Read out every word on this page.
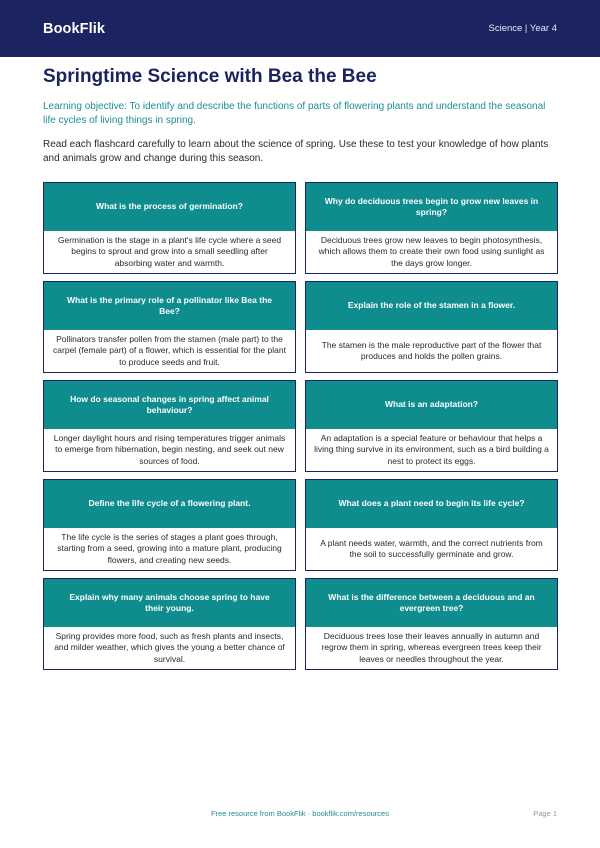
BookFlik	Science | Year 4
Springtime Science with Bea the Bee

Learning objective: To identify and describe the functions of parts of flowering plants and understand the seasonal life cycles of living things in spring.

Read each flashcard carefully to learn about the science of spring. Use these to test your knowledge of how plants and animals grow and change during this season.

What is the process of germination?
Germination is the stage in a plant's life cycle where a seed begins to sprout and grow into a small seedling after absorbing water and warmth.
Why do deciduous trees begin to grow new leaves in spring?
Deciduous trees grow new leaves to begin photosynthesis, which allows them to create their own food using sunlight as the days grow longer.
What is the primary role of a pollinator like Bea the Bee?
Pollinators transfer pollen from the stamen (male part) to the carpel (female part) of a flower, which is essential for the plant to produce seeds and fruit.
Explain the role of the stamen in a flower.
The stamen is the male reproductive part of the flower that produces and holds the pollen grains.
How do seasonal changes in spring affect animal behaviour?
Longer daylight hours and rising temperatures trigger animals to emerge from hibernation, begin nesting, and seek out new sources of food.
What is an adaptation?
An adaptation is a special feature or behaviour that helps a living thing survive in its environment, such as a bird building a nest to protect its eggs.
Define the life cycle of a flowering plant.
The life cycle is the series of stages a plant goes through, starting from a seed, growing into a mature plant, producing flowers, and creating new seeds.
What does a plant need to begin its life cycle?
A plant needs water, warmth, and the correct nutrients from the soil to successfully germinate and grow.
Explain why many animals choose spring to have their young.
Spring provides more food, such as fresh plants and insects, and milder weather, which gives the young a better chance of survival.
What is the difference between a deciduous and an evergreen tree?
Deciduous trees lose their leaves annually in autumn and regrow them in spring, whereas evergreen trees keep their leaves or needles throughout the year.
Free resource from BookFlik · bookflik.com/resources	Page 1
